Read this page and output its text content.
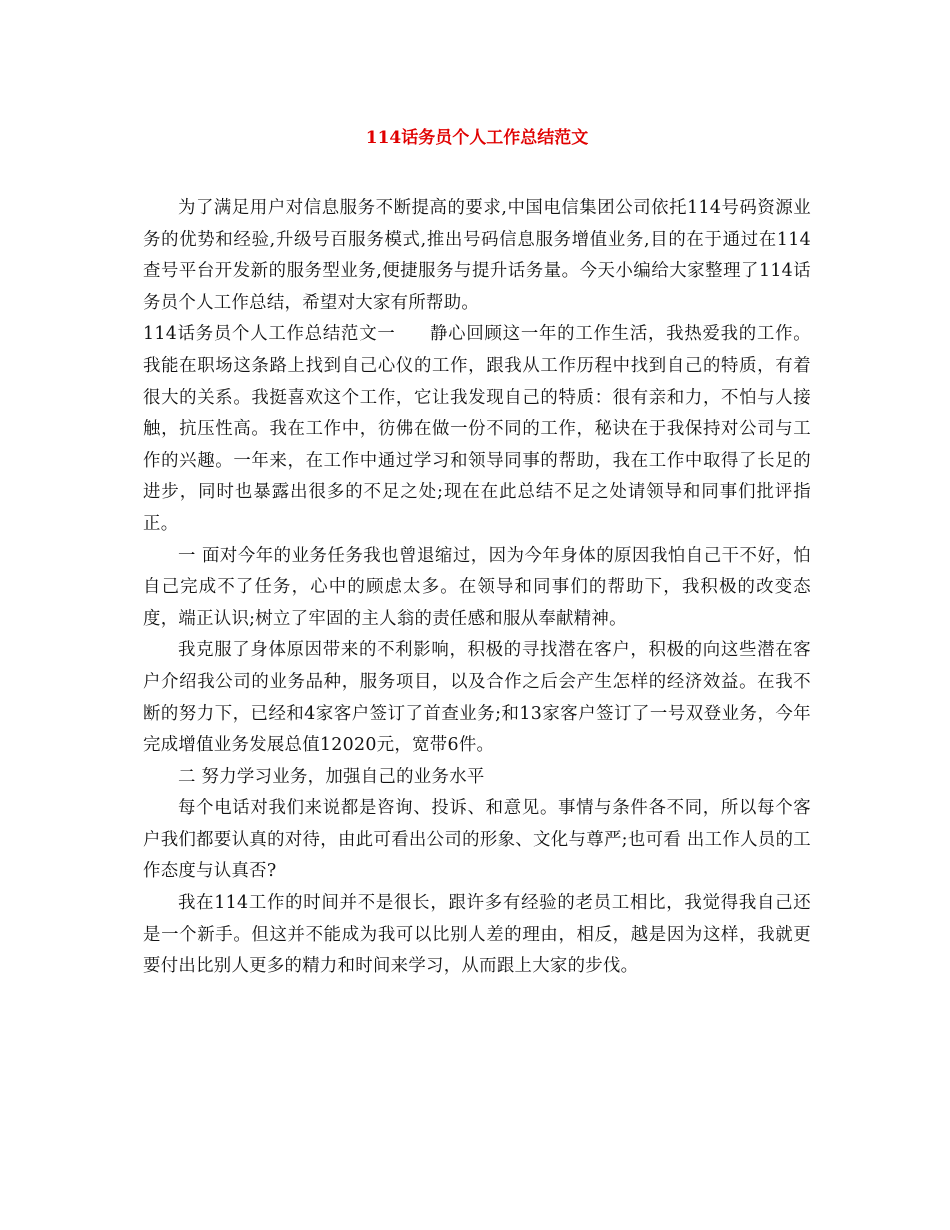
114话务员个人工作总结范文

为了满足用户对信息服务不断提高的要求,中国电信集团公司依托114号码资源业务的优势和经验,升级号百服务模式,推出号码信息服务增值业务,目的在于通过在114查号平台开发新的服务型业务,便捷服务与提升话务量。今天小编给大家整理了114话务员个人工作总结，希望对大家有所帮助。

114话务员个人工作总结范文一 静心回顾这一年的工作生活，我热爱我的工作。我能在职场这条路上找到自己心仪的工作，跟我从工作历程中找到自己的特质，有着很大的关系。我挺喜欢这个工作，它让我发现自己的特质：很有亲和力，不怕与人接触，抗压性高。我在工作中，彷佛在做一份不同的工作，秘诀在于我保持对公司与工作的兴趣。一年来，在工作中通过学习和领导同事的帮助，我在工作中取得了长足的进步，同时也暴露出很多的不足之处;现在在此总结不足之处请领导和同事们批评指正。

一 面对今年的业务任务我也曾退缩过，因为今年身体的原因我怕自己干不好，怕自己完成不了任务，心中的顾虑太多。在领导和同事们的帮助下，我积极的改变态度，端正认识;树立了牢固的主人翁的责任感和服从奉献精神。

我克服了身体原因带来的不利影响，积极的寻找潜在客户，积极的向这些潜在客户介绍我公司的业务品种，服务项目，以及合作之后会产生怎样的经济效益。在我不断的努力下，已经和4家客户签订了首查业务;和13家客户签订了一号双登业务，今年完成增值业务发展总值12020元，宽带6件。

二 努力学习业务，加强自己的业务水平

每个电话对我们来说都是咨询、投诉、和意见。事情与条件各不同，所以每个客户我们都要认真的对待，由此可看出公司的形象、文化与尊严;也可看 出工作人员的工作态度与认真否?

我在114工作的时间并不是很长，跟许多有经验的老员工相比，我觉得我自己还是一个新手。但这并不能成为我可以比别人差的理由，相反，越是因为这样，我就更要付出比别人更多的精力和时间来学习，从而跟上大家的步伐。
